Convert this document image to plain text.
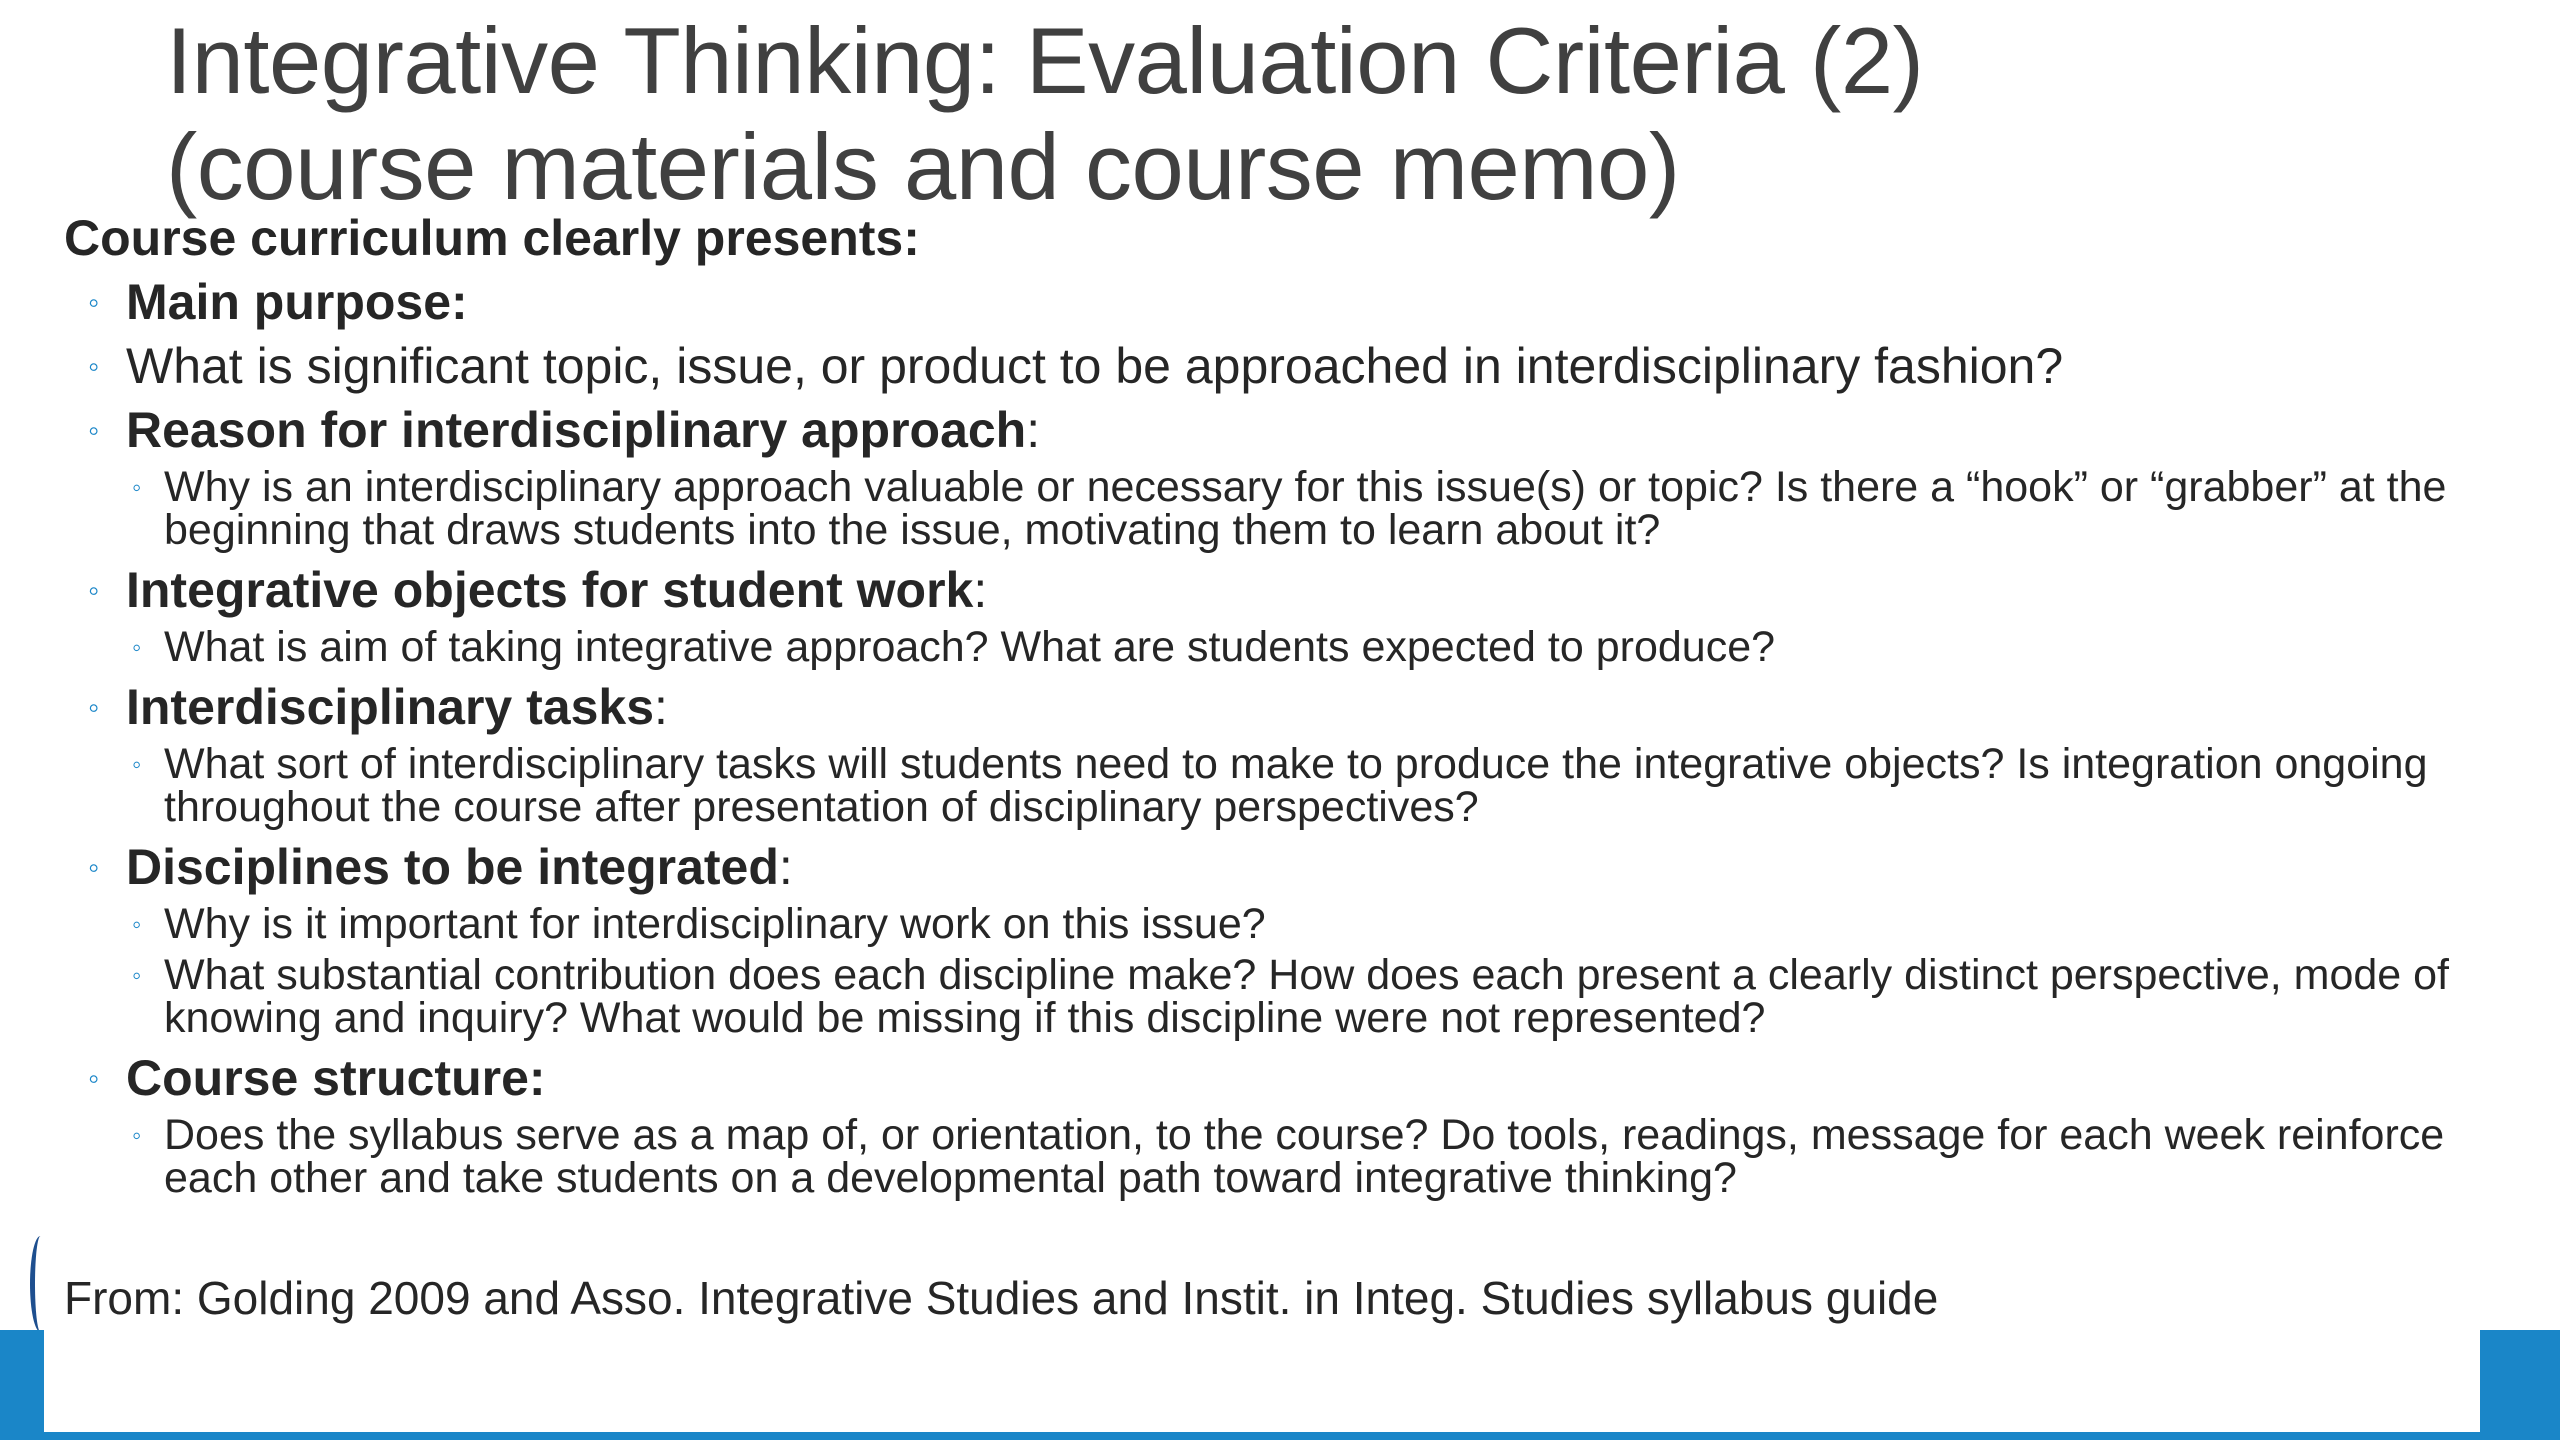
Integrative Thinking: Evaluation Criteria (2)
(course materials and course memo)

Course curriculum clearly presents:

◦ Main purpose:
◦ What is significant topic, issue, or product to be approached in interdisciplinary fashion?
◦ Reason for interdisciplinary approach:
◦ Why is an interdisciplinary approach valuable or necessary for this issue(s) or topic? Is there a “hook” or “grabber” at the beginning that draws students into the issue, motivating them to learn about it?
◦ Integrative objects for student work:
◦ What is aim of taking integrative approach? What are students expected to produce?
◦ Interdisciplinary tasks:
◦ What sort of interdisciplinary tasks will students need to make to produce the integrative objects? Is integration ongoing throughout the course after presentation of disciplinary perspectives?
◦ Disciplines to be integrated:
◦ Why is it important for interdisciplinary work on this issue?
◦ What substantial contribution does each discipline make? How does each present a clearly distinct perspective, mode of knowing and inquiry? What would be missing if this discipline were not represented?
◦ Course structure:
◦ Does the syllabus serve as a map of, or orientation, to the course? Do tools, readings, message for each week reinforce each other and take students on a developmental path toward integrative thinking?
From: Golding 2009 and Asso. Integrative Studies and Instit. in Integ. Studies syllabus guide
